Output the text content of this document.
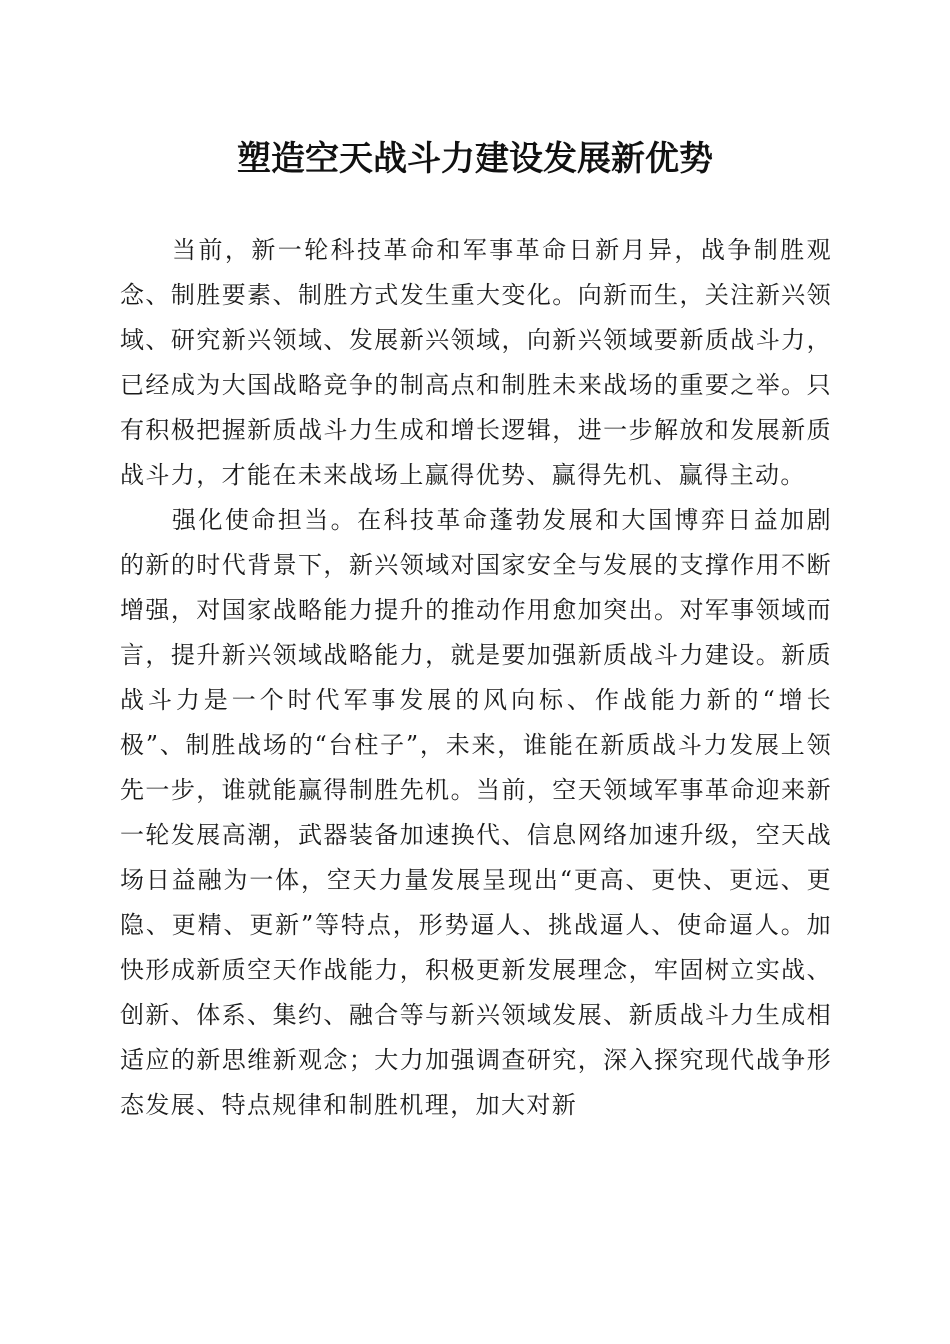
塑造空天战斗力建设发展新优势

当前，新一轮科技革命和军事革命日新月异，战争制胜观念、制胜要素、制胜方式发生重大变化。向新而生，关注新兴领域、研究新兴领域、发展新兴领域，向新兴领域要新质战斗力，已经成为大国战略竞争的制高点和制胜未来战场的重要之举。只有积极把握新质战斗力生成和增长逻辑，进一步解放和发展新质战斗力，才能在未来战场上赢得优势、赢得先机、赢得主动。

强化使命担当。在科技革命蓬勃发展和大国博弈日益加剧的新的时代背景下，新兴领域对国家安全与发展的支撑作用不断增强，对国家战略能力提升的推动作用愈加突出。对军事领域而言，提升新兴领域战略能力，就是要加强新质战斗力建设。新质战斗力是一个时代军事发展的风向标、作战能力新的“增长极”、制胜战场的“台柱子”，未来，谁能在新质战斗力发展上领先一步，谁就能赢得制胜先机。当前，空天领域军事革命迎来新一轮发展高潮，武器装备加速换代、信息网络加速升级，空天战场日益融为一体，空天力量发展呈现出“更高、更快、更远、更隐、更精、更新”等特点，形势逼人、挑战逼人、使命逼人。加快形成新质空天作战能力，积极更新发展理念，牢固树立实战、创新、体系、集约、融合等与新兴领域发展、新质战斗力生成相适应的新思维新观念；大力加强调查研究，深入探究现代战争形态发展、特点规律和制胜机理，加大对新
